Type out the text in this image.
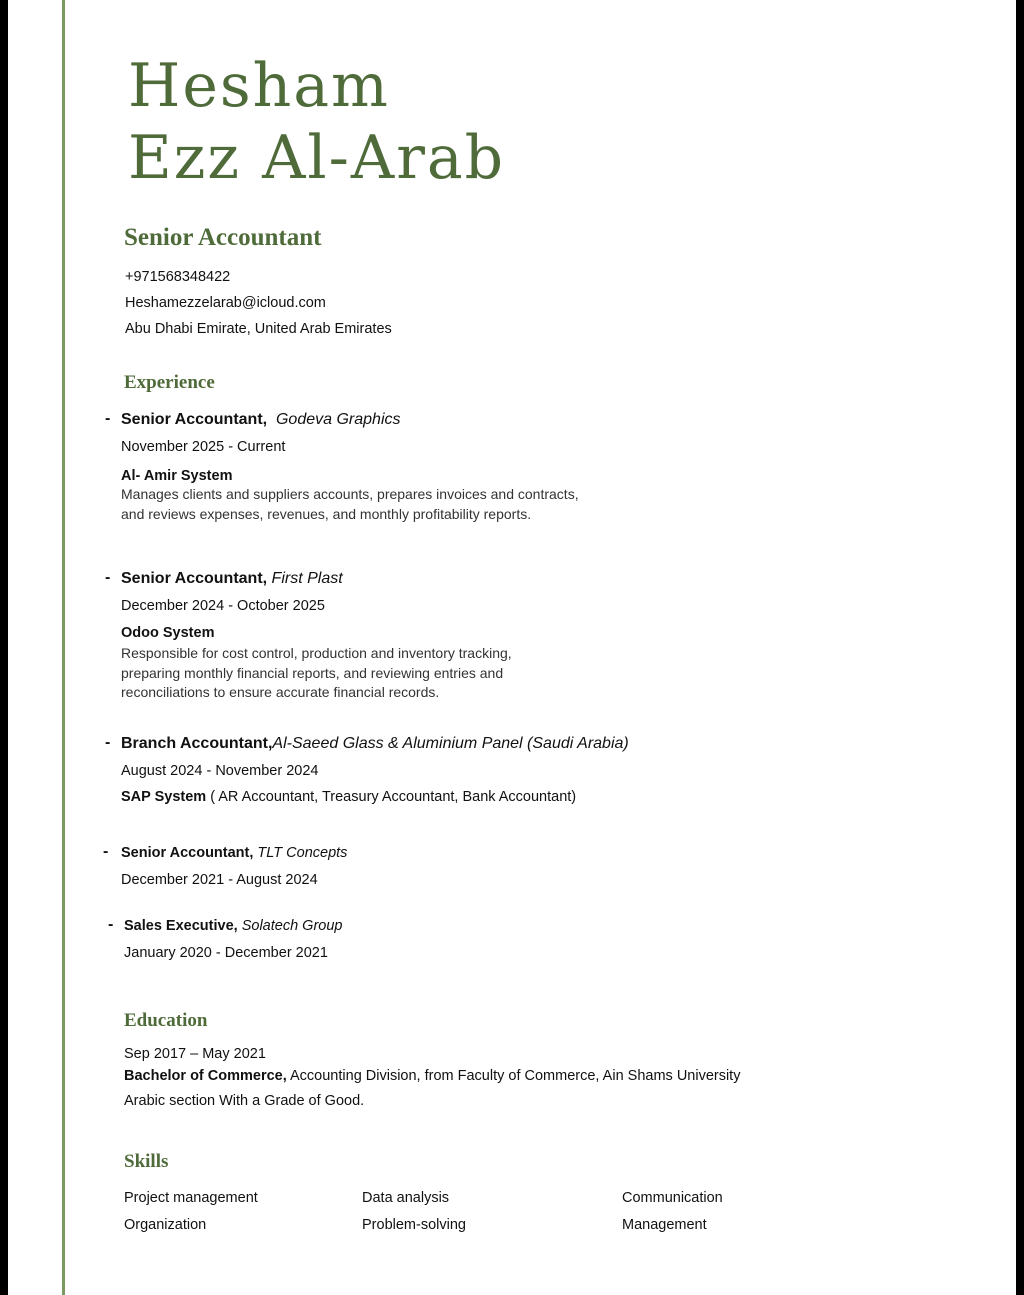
Hesham
Ezz Al-Arab
Senior Accountant
+971568348422
Heshamezzelarab@icloud.com
Abu Dhabi Emirate, United Arab Emirates
Experience
- Senior Accountant, Godeva Graphics
November 2025 - Current
Al- Amir System
Manages clients and suppliers accounts, prepares invoices and contracts,
and reviews expenses, revenues, and monthly profitability reports.
- Senior Accountant, First Plast
December 2024 - October 2025
Odoo System
Responsible for cost control, production and inventory tracking,
preparing monthly financial reports, and reviewing entries and
reconciliations to ensure accurate financial records.
- Branch Accountant,Al-Saeed Glass & Aluminium Panel (Saudi Arabia)
August 2024 - November 2024
SAP System ( AR Accountant, Treasury Accountant, Bank Accountant)
- Senior Accountant, TLT Concepts
December 2021 - August 2024
- Sales Executive, Solatech Group
January 2020 - December 2021
Education
Sep 2017 – May 2021
Bachelor of Commerce, Accounting Division, from Faculty of Commerce, Ain Shams University
Arabic section With a Grade of Good.
Skills
Project management	Data analysis	Communication
Organization	Problem-solving	Management
